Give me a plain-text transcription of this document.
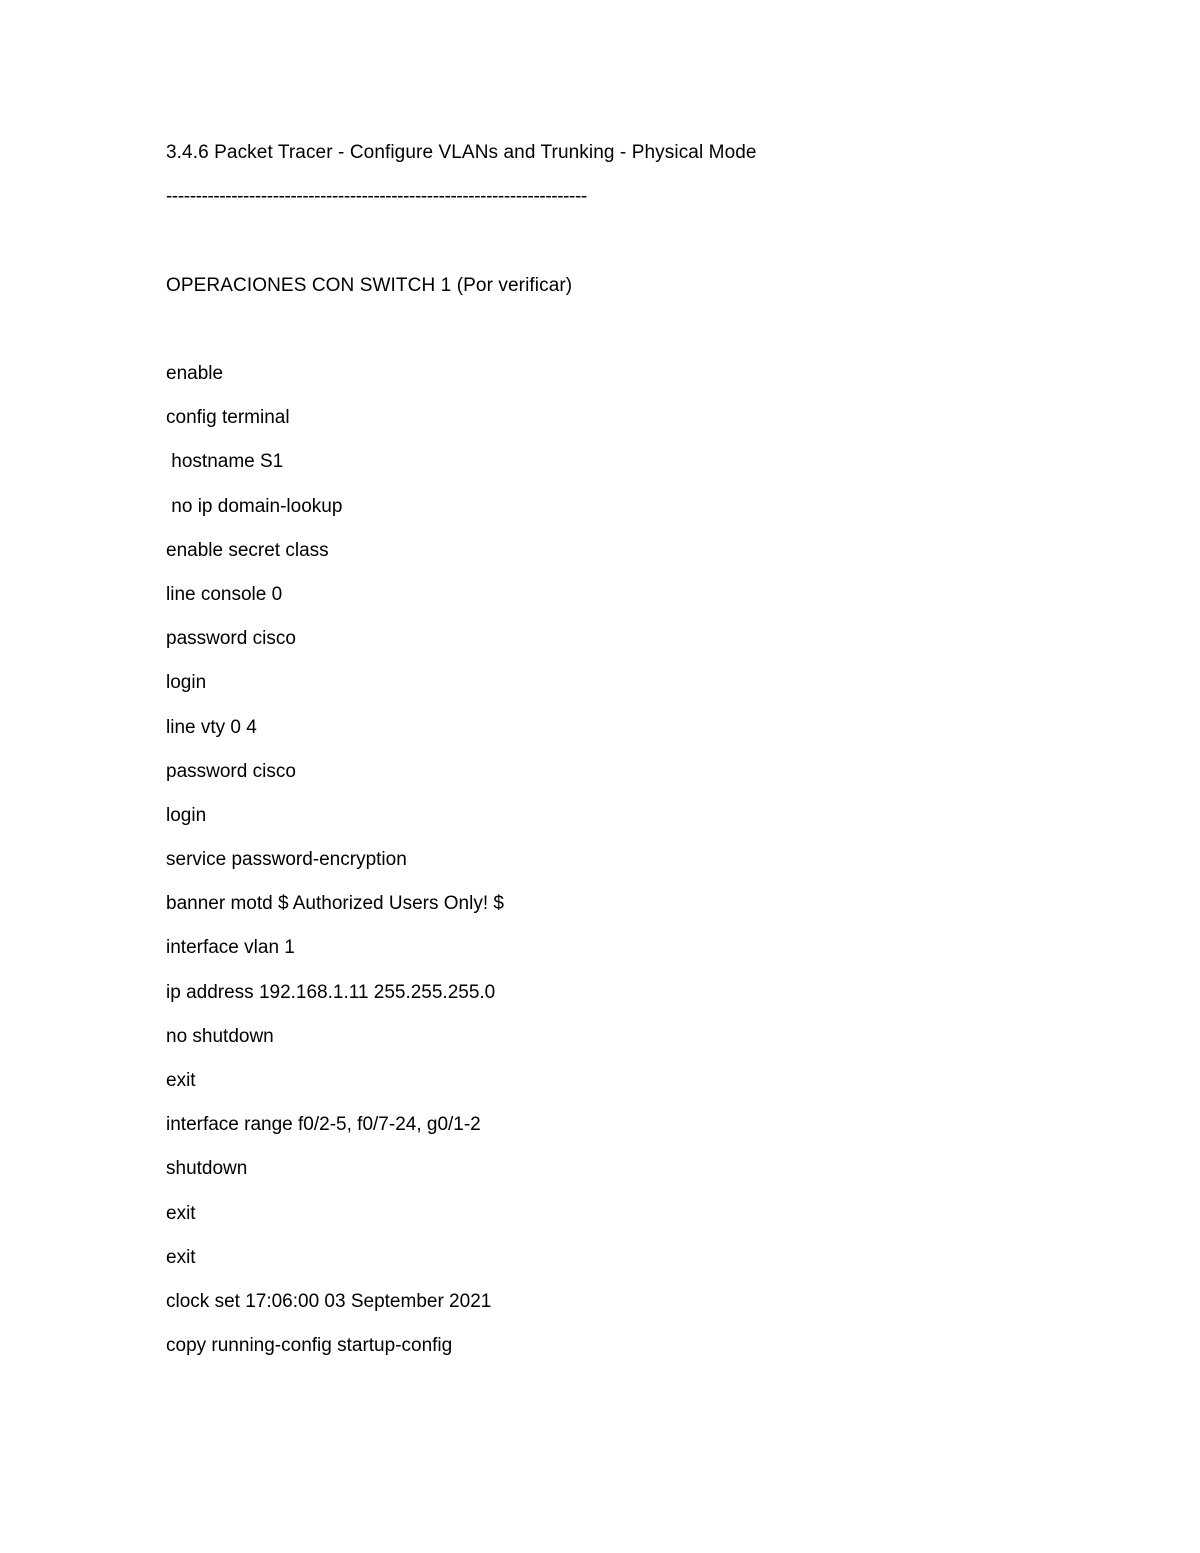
3.4.6 Packet Tracer - Configure VLANs and Trunking - Physical Mode
-----------------------------------------------------------------------
OPERACIONES CON SWITCH 1 (Por verificar)
enable
config terminal
hostname S1
no ip domain-lookup
enable secret class
line console 0
password cisco
login
line vty 0 4
password cisco
login
service password-encryption
banner motd $ Authorized Users Only! $
interface vlan 1
ip address 192.168.1.11 255.255.255.0
no shutdown
exit
interface range f0/2-5, f0/7-24, g0/1-2
shutdown
exit
exit
clock set 17:06:00 03 September 2021
copy running-config startup-config
